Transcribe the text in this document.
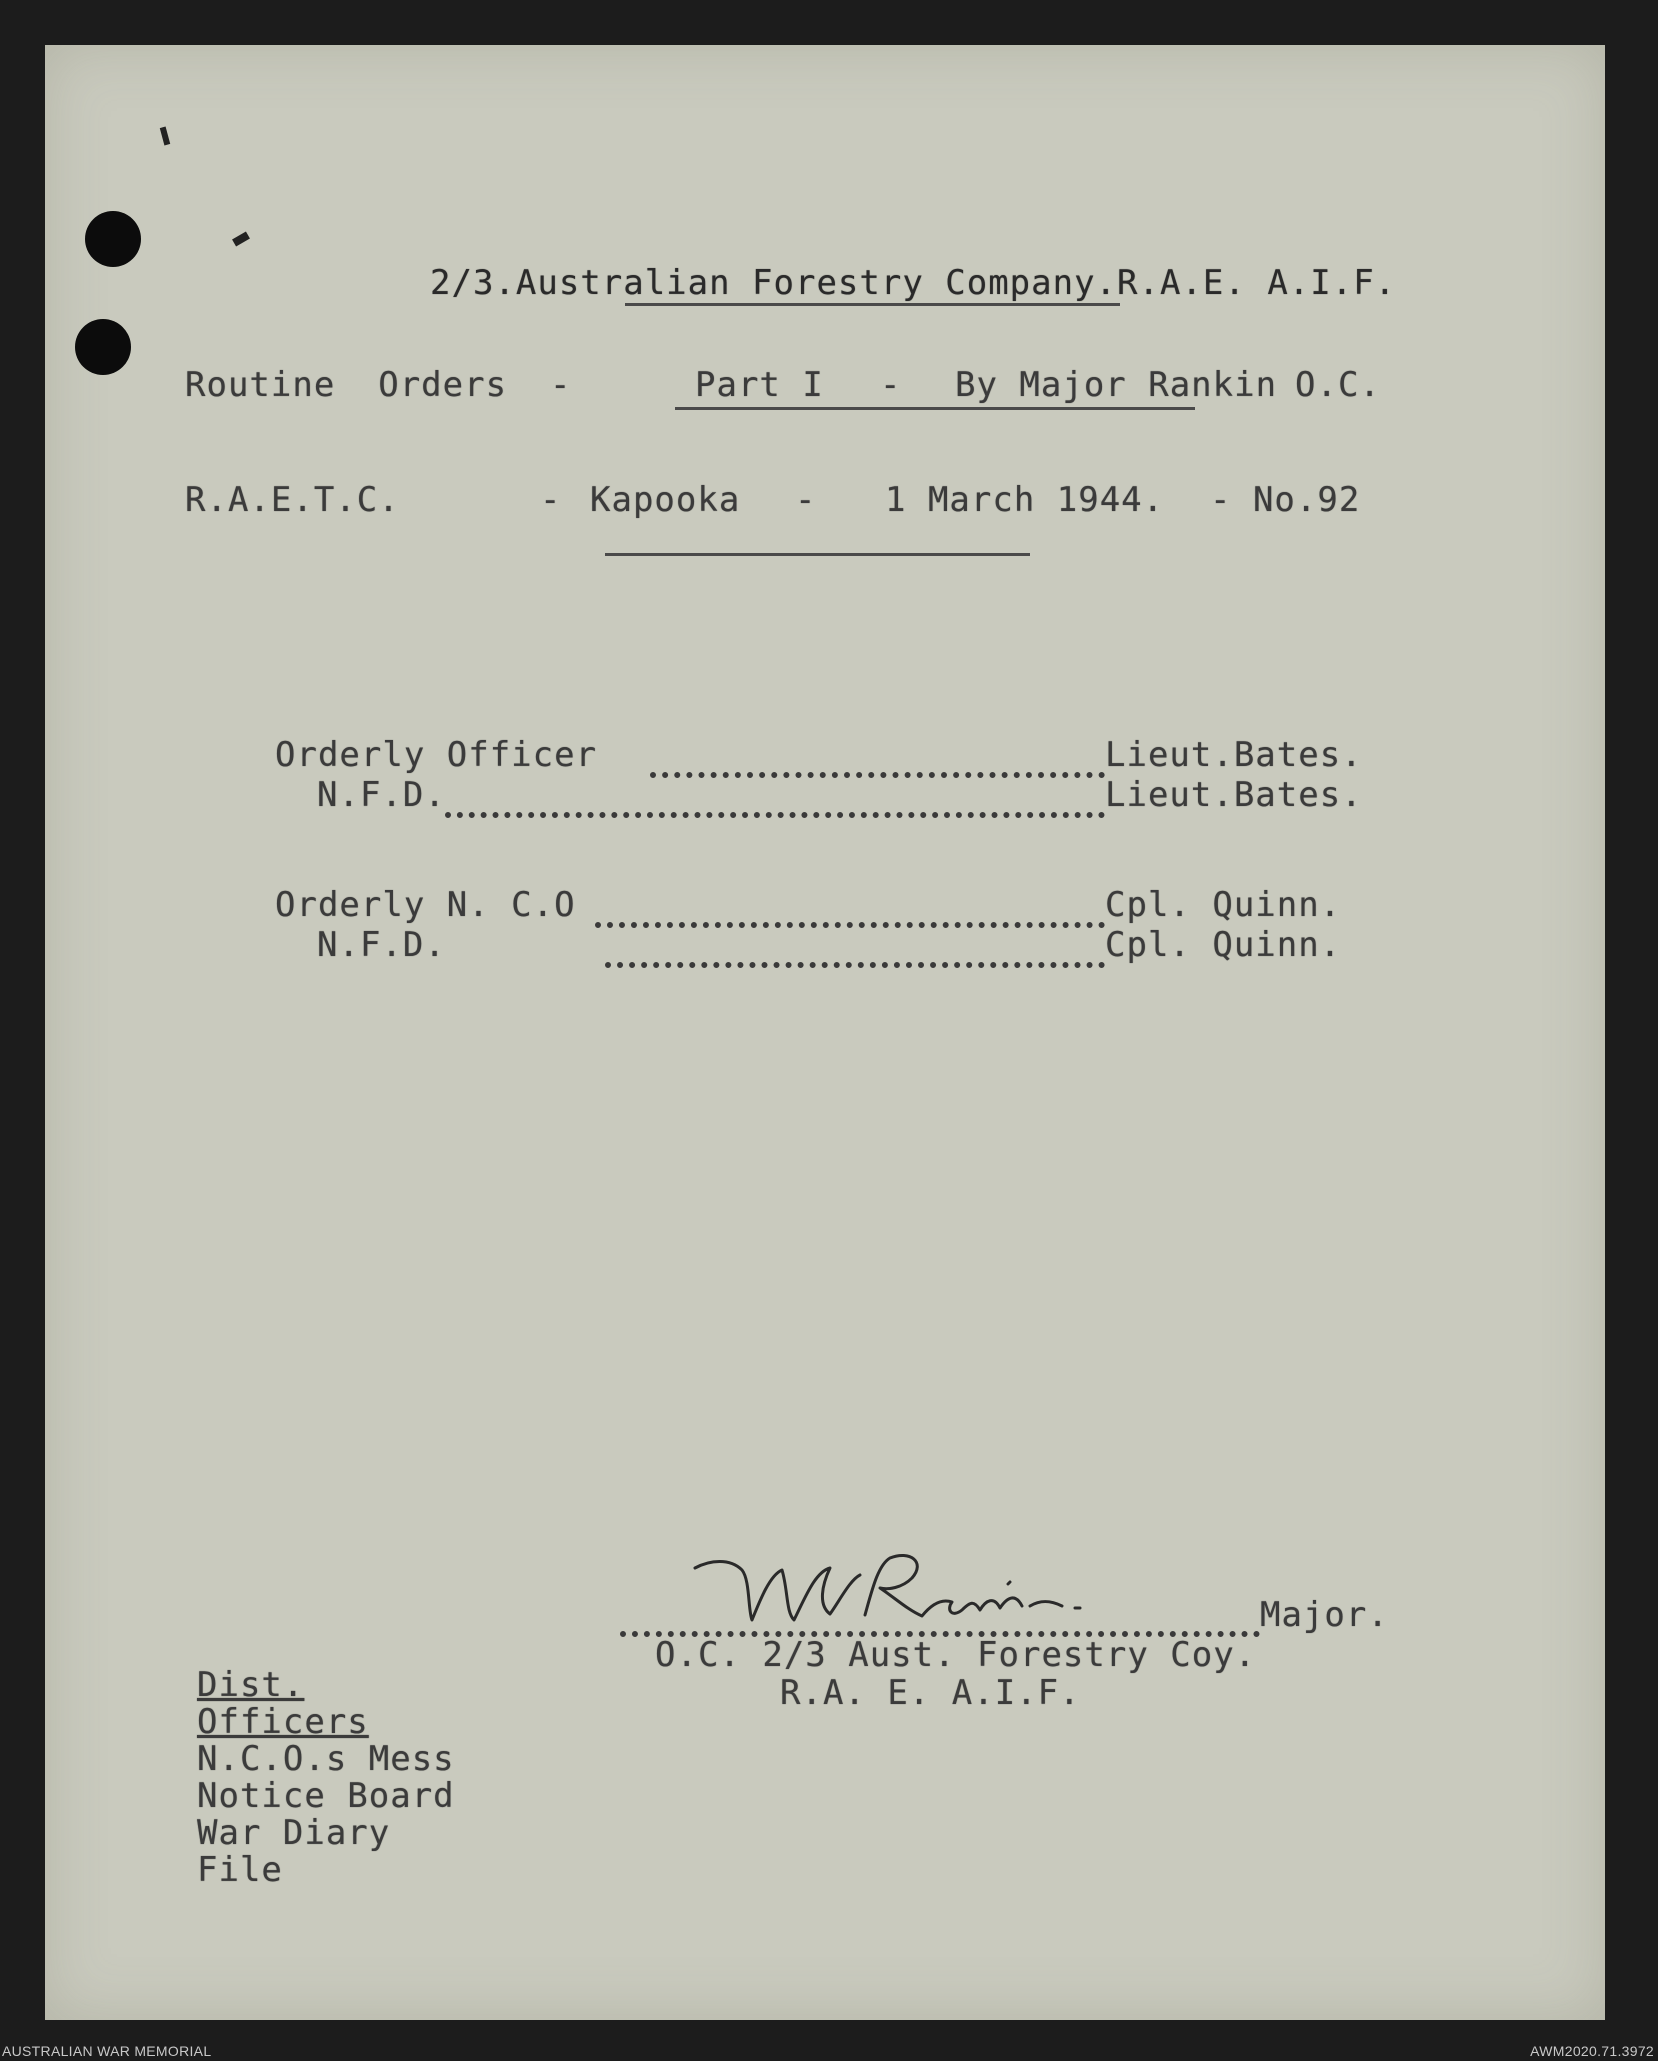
2/3.Australian Forestry Company.R.A.E. A.I.F.
Routine  Orders  -	Part I - By Major Rankin O.C.
R.A.E.T.C.	- Kapooka - 1 March 1944. - No.92
Orderly Officer	Lieut.Bates.
N.F.D.	Lieut.Bates.
Orderly N. C.O	Cpl. Quinn.
N.F.D.	Cpl. Quinn.
W A Rankin
Major.
O.C. 2/3 Aust. Forestry Coy.
R.A. E. A.I.F.
Dist.
Officers
N.C.O.s Mess
Notice Board
War Diary
File
AUSTRALIAN WAR MEMORIAL	AWM2020.71.3972
